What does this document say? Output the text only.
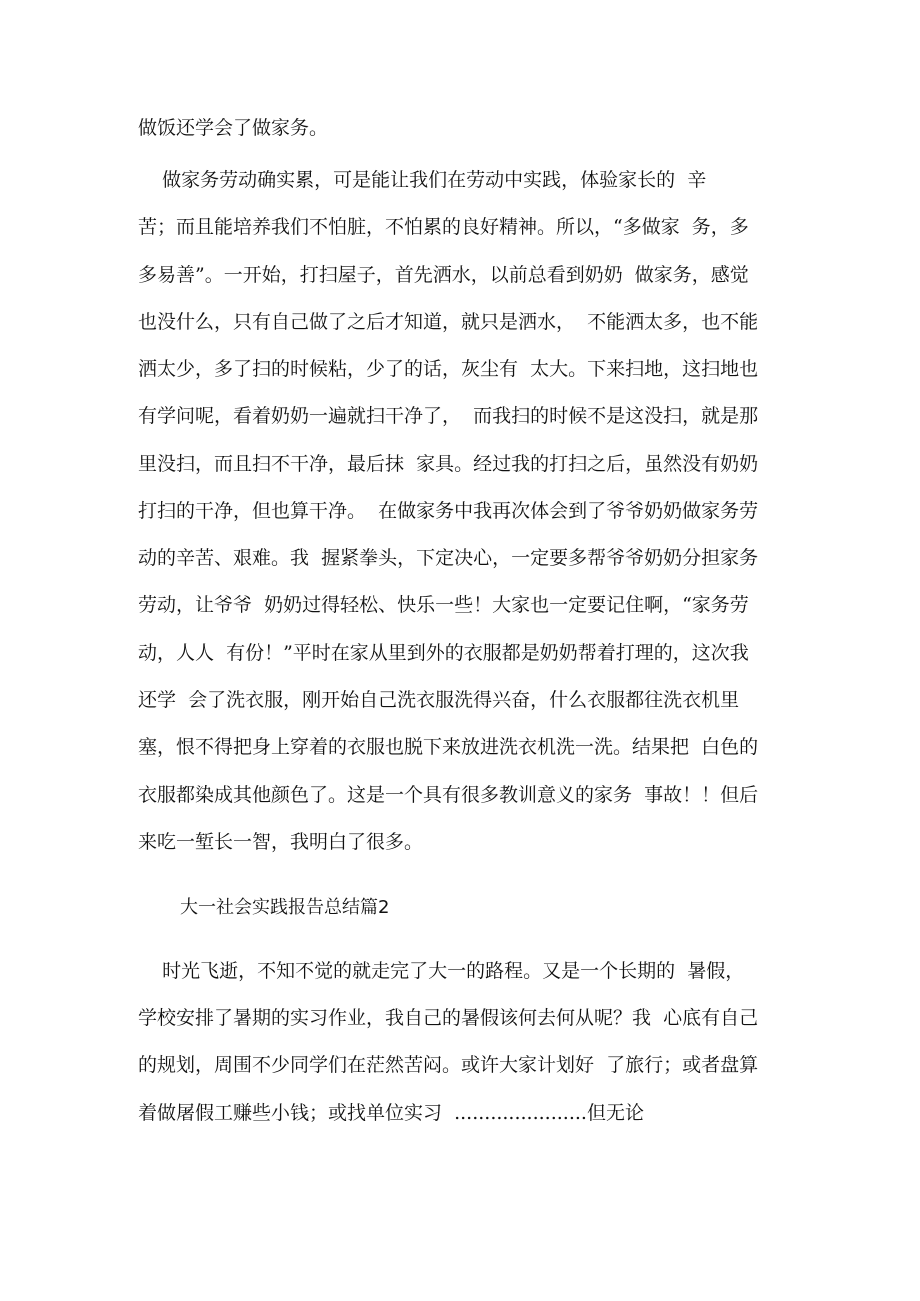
做饭还学会了做家务。

做家务劳动确实累，可是能让我们在劳动中实践，体验家长的  辛

苦；而且能培养我们不怕脏，不怕累的良好精神。所以，“多做家  务，多

多易善”。一开始，打扫屋子，首先洒水，以前总看到奶奶  做家务，感觉

也没什么，只有自己做了之后才知道，就只是洒水，  不能洒太多，也不能

洒太少，多了扫的时候粘，少了的话，灰尘有  太大。下来扫地，这扫地也

有学问呢，看着奶奶一遍就扫干净了，  而我扫的时候不是这没扫，就是那

里没扫，而且扫不干净，最后抹  家具。经过我的打扫之后，虽然没有奶奶

打扫的干净，但也算干净。  在做家务中我再次体会到了爷爷奶奶做家务劳

动的辛苦、艰难。我  握紧拳头，下定决心，一定要多帮爷爷奶奶分担家务

劳动，让爷爷  奶奶过得轻松、快乐一些！大家也一定要记住啊，“家务劳

动，人人  有份！”平时在家从里到外的衣服都是奶奶帮着打理的，这次我

还学  会了洗衣服，刚开始自己洗衣服洗得兴奋，什么衣服都往洗衣机里

塞，恨不得把身上穿着的衣服也脱下来放进洗衣机洗一洗。结果把  白色的

衣服都染成其他颜色了。这是一个具有很多教训意义的家务  事故！！但后

来吃一堑长一智，我明白了很多。

大一社会实践报告总结篇2

时光飞逝，不知不觉的就走完了大一的路程。又是一个长期的  暑假，

学校安排了暑期的实习作业，我自己的暑假该何去何从呢？我  心底有自己

的规划，周围不少同学们在茫然苦闷。或许大家计划好  了旅行；或者盘算

着做屠假工赚些小钱；或找单位实习  ......................但无论
